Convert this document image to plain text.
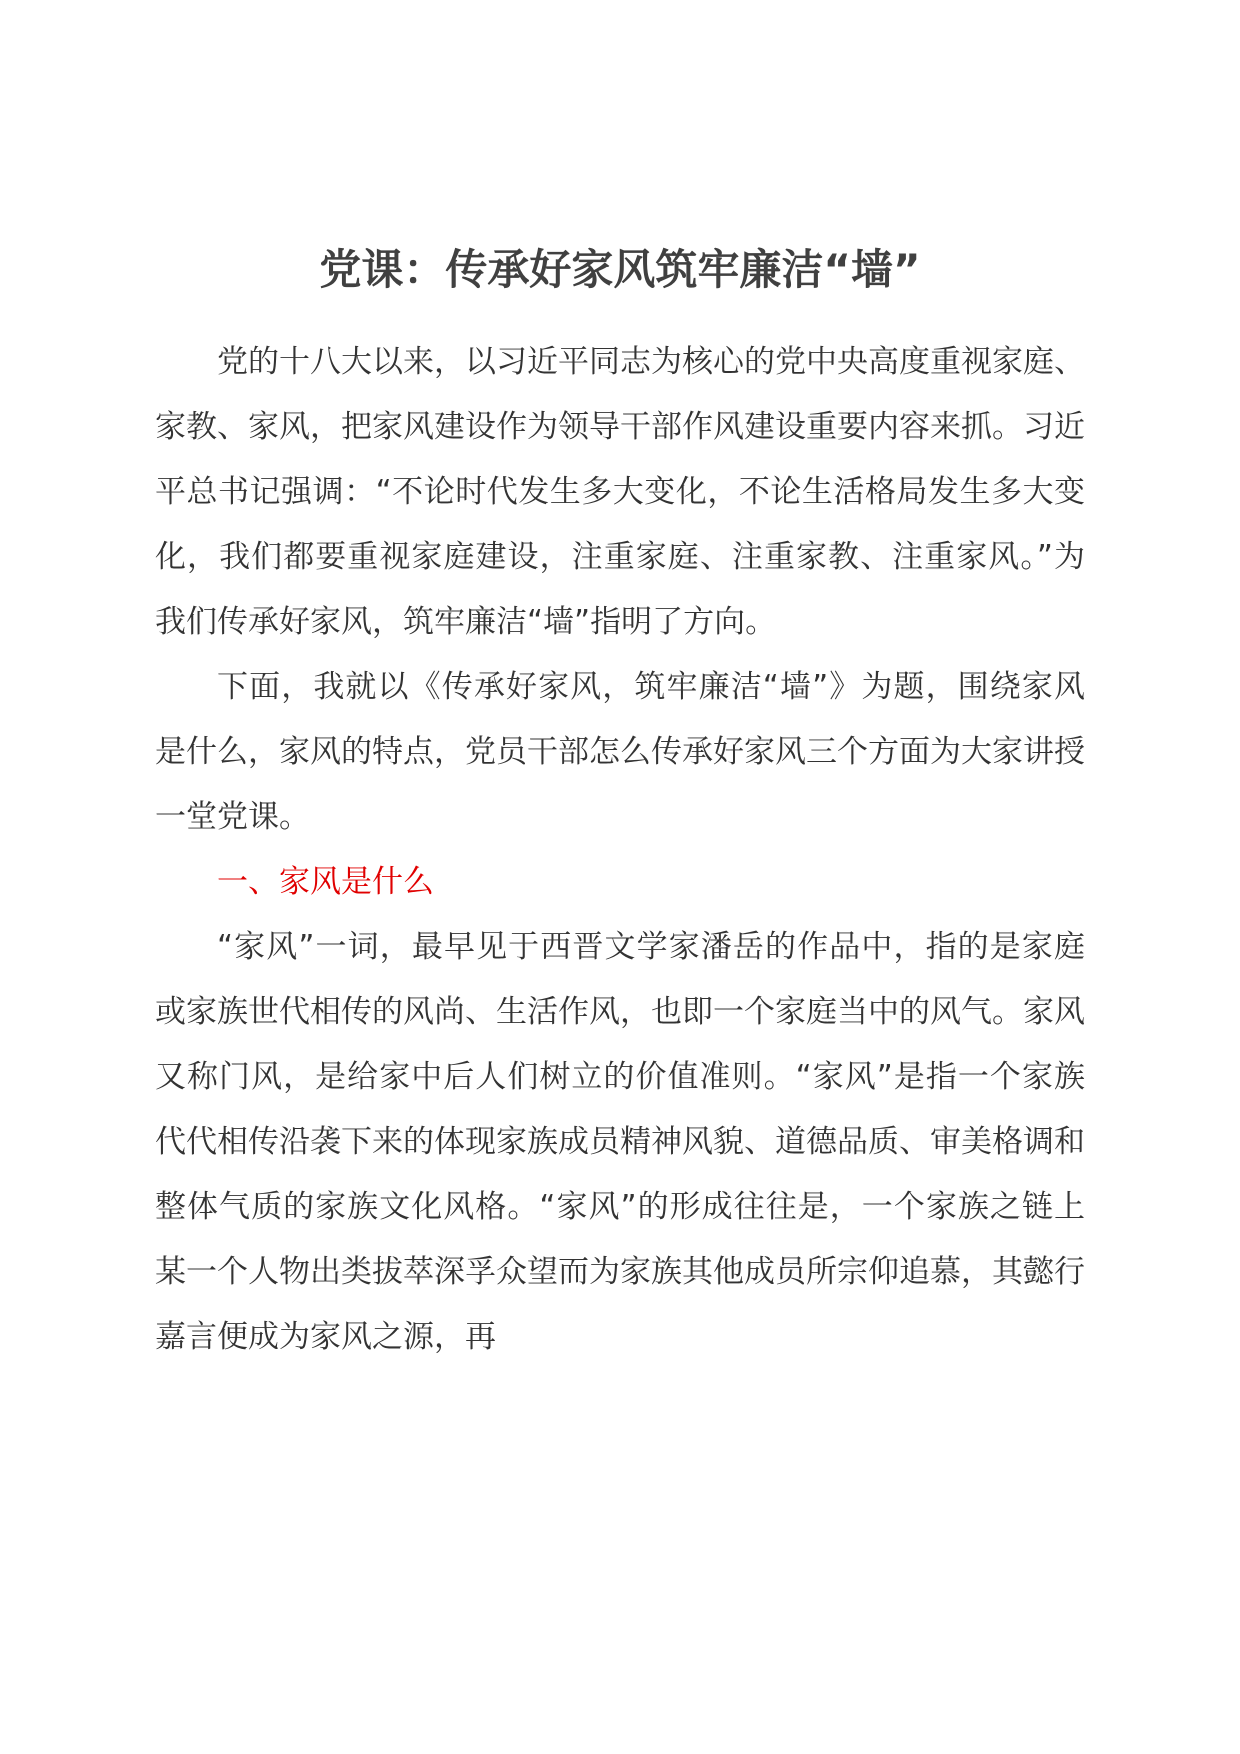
党课：传承好家风筑牢廉洁“墙”

党的十八大以来，以习近平同志为核心的党中央高度重视家庭、家教、家风，把家风建设作为领导干部作风建设重要内容来抓。习近平总书记强调：“不论时代发生多大变化，不论生活格局发生多大变化，我们都要重视家庭建设，注重家庭、注重家教、注重家风。”为我们传承好家风，筑牢廉洁“墙”指明了方向。

下面，我就以《传承好家风，筑牢廉洁“墙”》为题，围绕家风是什么，家风的特点，党员干部怎么传承好家风三个方面为大家讲授一堂党课。

一、家风是什么

“家风”一词，最早见于西晋文学家潘岳的作品中，指的是家庭或家族世代相传的风尚、生活作风，也即一个家庭当中的风气。家风又称门风，是给家中后人们树立的价值准则。“家风”是指一个家族代代相传沿袭下来的体现家族成员精神风貌、道德品质、审美格调和整体气质的家族文化风格。“家风”的形成往往是，一个家族之链上某一个人物出类拔萃深孚众望而为家族其他成员所宗仰追慕，其懿行嘉言便成为家风之源，再
